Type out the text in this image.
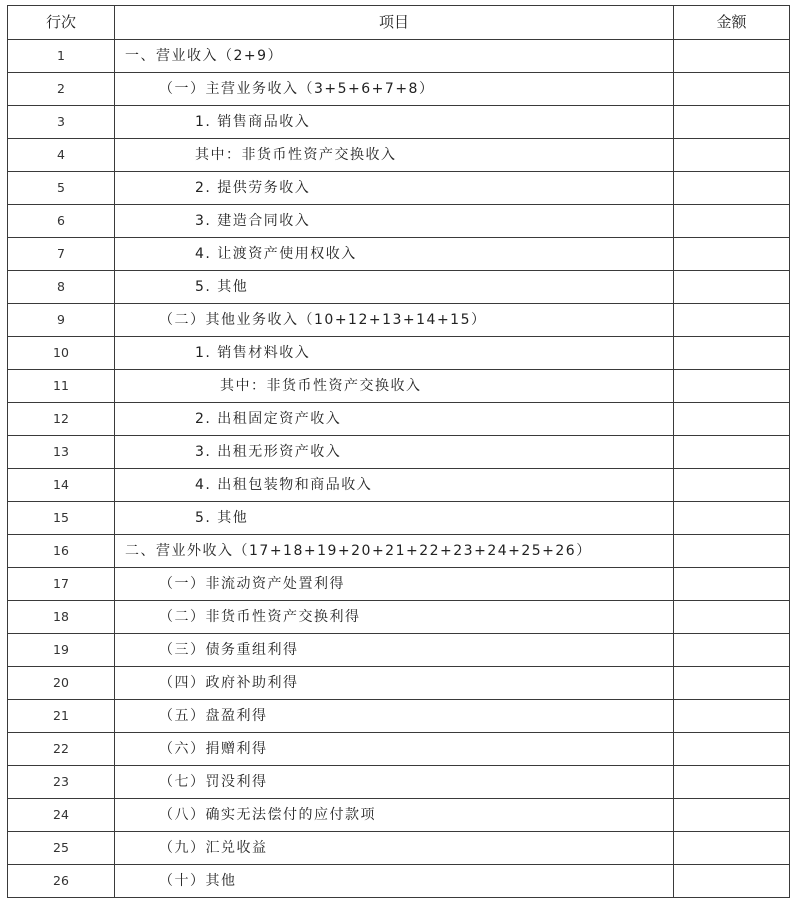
行次	项目	金额
1	一、营业收入（2+9）	
2	（一）主营业务收入（3+5+6+7+8）	
3	1. 销售商品收入	
4	其中：非货币性资产交换收入	
5	2. 提供劳务收入	
6	3. 建造合同收入	
7	4. 让渡资产使用权收入	
8	5. 其他	
9	（二）其他业务收入（10+12+13+14+15）	
10	1. 销售材料收入	
11	其中：非货币性资产交换收入	
12	2. 出租固定资产收入	
13	3. 出租无形资产收入	
14	4. 出租包装物和商品收入	
15	5. 其他	
16	二、营业外收入（17+18+19+20+21+22+23+24+25+26）	
17	（一）非流动资产处置利得	
18	（二）非货币性资产交换利得	
19	（三）债务重组利得	
20	（四）政府补助利得	
21	（五）盘盈利得	
22	（六）捐赠利得	
23	（七）罚没利得	
24	（八）确实无法偿付的应付款项	
25	（九）汇兑收益	
26	（十）其他	
